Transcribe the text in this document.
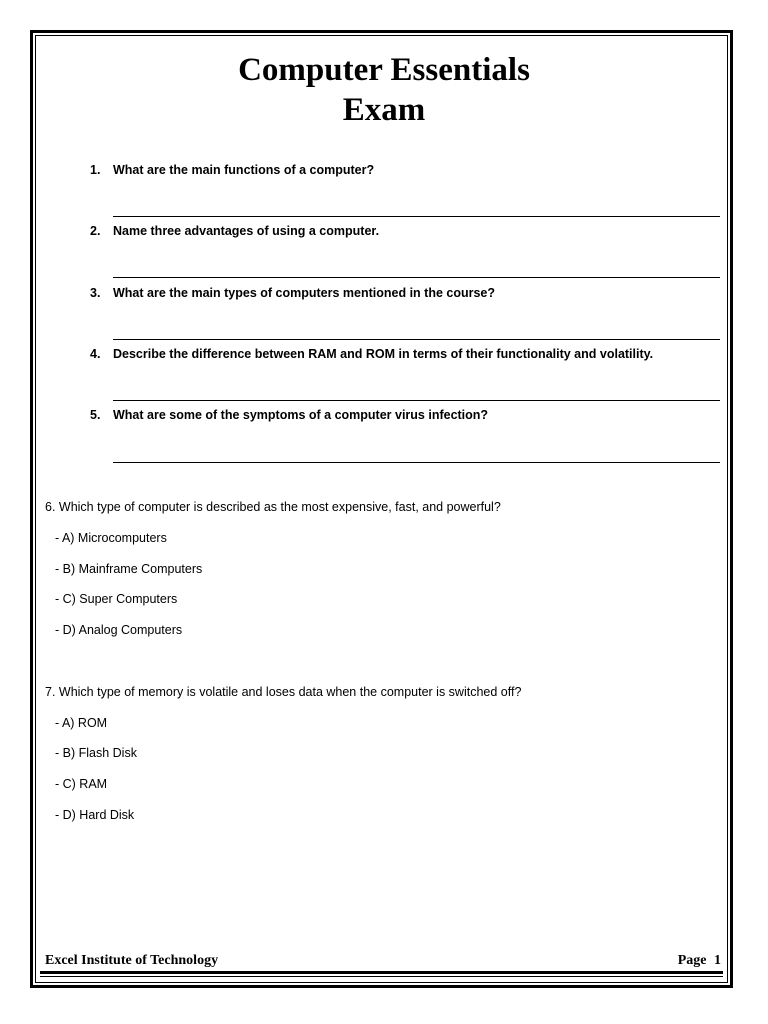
Computer Essentials
Exam
1.	What are the main functions of a computer?
2.	Name three advantages of using a computer.
3.	What are the main types of computers mentioned in the course?
4.	Describe the difference between RAM and ROM in terms of their functionality and volatility.
5.	What are some of the symptoms of a computer virus infection?
6. Which type of computer is described as the most expensive, fast, and powerful?
- A) Microcomputers
- B) Mainframe Computers
- C) Super Computers
- D) Analog Computers
7. Which type of memory is volatile and loses data when the computer is switched off?
- A) ROM
- B) Flash Disk
- C) RAM
- D) Hard Disk
Excel Institute of Technology	Page 1
